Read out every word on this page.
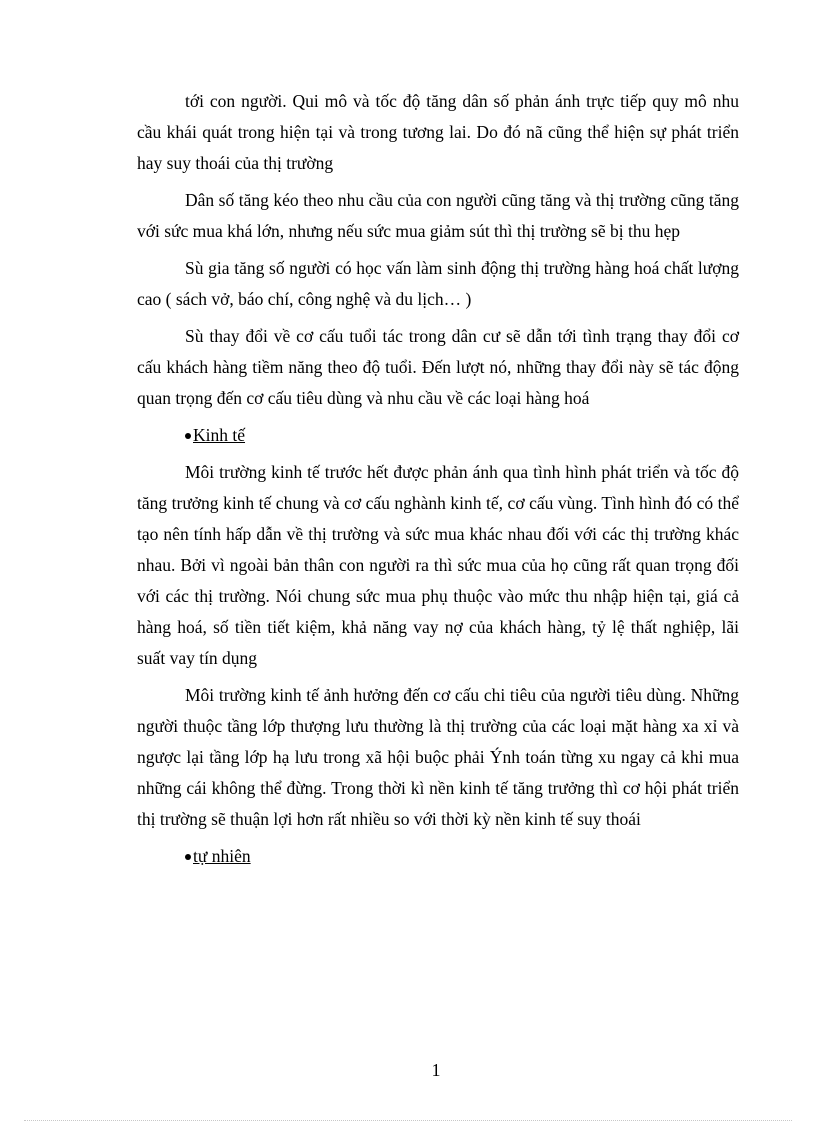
tới con người. Qui mô và tốc độ tăng dân số phản ánh trực tiếp quy mô nhu cầu khái quát trong hiện tại và trong tương lai. Do đó nã cũng thể hiện sự phát triển hay suy thoái của thị trường

Dân số tăng kéo theo nhu cầu của con người cũng tăng và thị trường cũng tăng với sức mua khá lớn, nhưng nếu sức mua giảm sút thì thị trường sẽ bị thu hẹp

Sù gia tăng số người có học vấn làm sinh động thị trường hàng hoá chất lượng cao ( sách vở, báo chí, công nghệ và du lịch… )

Sù thay đổi về cơ cấu tuổi tác trong dân cư sẽ dẫn tới tình trạng thay đổi cơ cấu khách hàng tiềm năng theo độ tuổi. Đến lượt nó, những thay đổi này sẽ tác động quan trọng đến cơ cấu tiêu dùng và nhu cầu về các loại hàng hoá

Kinh tế

Môi trường kinh tế trước hết được phản ánh qua tình hình phát triển và tốc độ tăng trưởng kinh tế chung và cơ cấu nghành kinh tế, cơ cấu vùng. Tình hình đó có thể tạo nên tính hấp dẫn về thị trường và sức mua khác nhau đối với các thị trường khác nhau. Bởi vì ngoài bản thân con người ra thì sức mua của họ cũng rất quan trọng đối với các thị trường. Nói chung sức mua phụ thuộc vào mức thu nhập hiện tại, giá cả hàng hoá, số tiền tiết kiệm, khả năng vay nợ của khách hàng, tỷ lệ thất nghiệp, lãi suất vay tín dụng

Môi trường kinh tế ảnh hưởng đến cơ cấu chi tiêu của người tiêu dùng. Những người thuộc tầng lớp thượng lưu thường là thị trường của các loại mặt hàng xa xỉ và ngược lại tầng lớp hạ lưu trong xã hội buộc phải Ýnh toán từng xu ngay cả khi mua những cái không thể đừng. Trong thời kì nền kinh tế tăng trưởng thì cơ hội phát triển thị trường sẽ thuận lợi hơn rất nhiều so với thời kỳ nền kinh tế suy thoái

tự nhiên
1
